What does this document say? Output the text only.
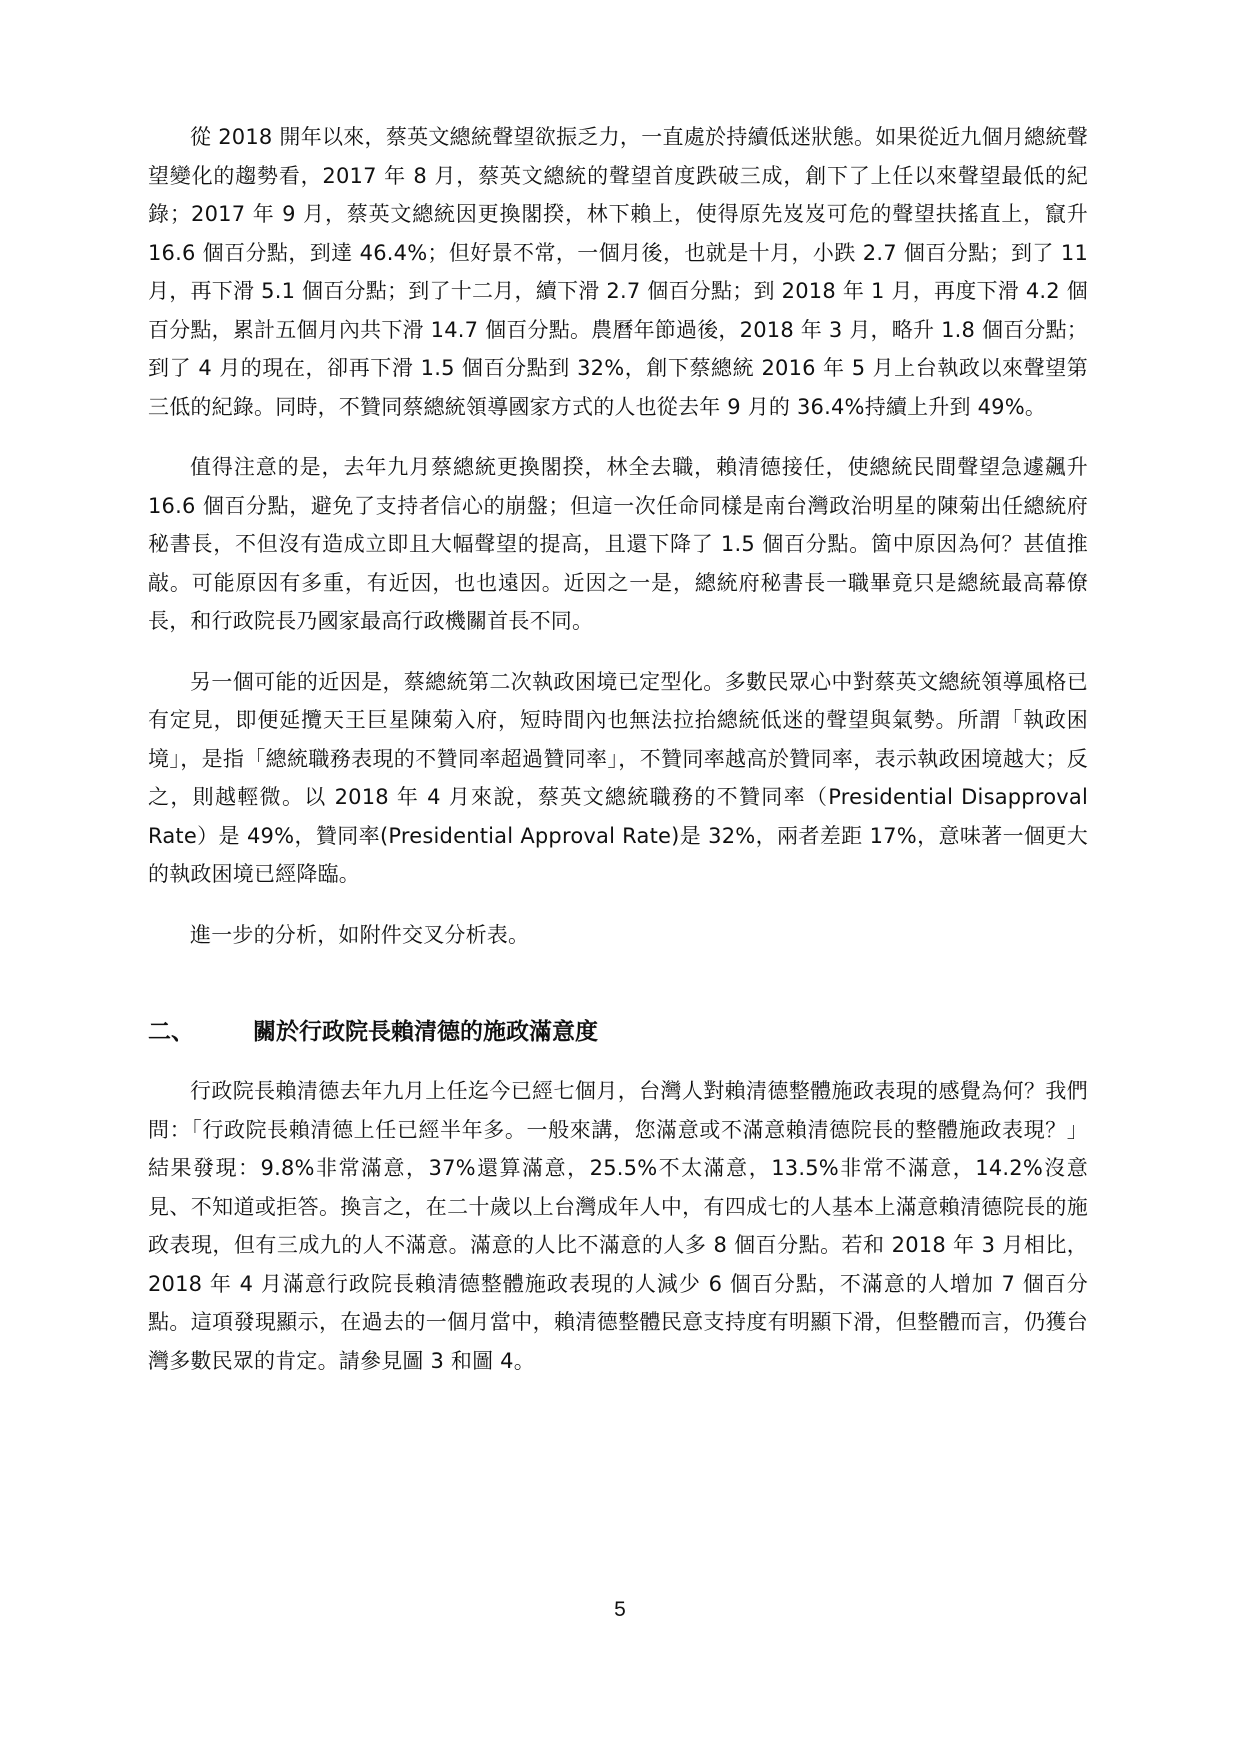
從 2018 開年以來，蔡英文總統聲望欲振乏力，一直處於持續低迷狀態。如果從近九個月總統聲望變化的趨勢看，2017 年 8 月，蔡英文總統的聲望首度跌破三成，創下了上任以來聲望最低的紀錄；2017 年 9 月，蔡英文總統因更換閣揆，林下賴上，使得原先岌岌可危的聲望扶搖直上，竄升 16.6 個百分點，到達 46.4%；但好景不常，一個月後，也就是十月，小跌 2.7 個百分點；到了 11 月，再下滑 5.1 個百分點；到了十二月，續下滑 2.7 個百分點；到 2018 年 1 月，再度下滑 4.2 個百分點，累計五個月內共下滑 14.7 個百分點。農曆年節過後，2018 年 3 月，略升 1.8 個百分點；到了 4 月的現在，卻再下滑 1.5 個百分點到 32%，創下蔡總統 2016 年 5 月上台執政以來聲望第三低的紀錄。同時，不贊同蔡總統領導國家方式的人也從去年 9 月的 36.4%持續上升到 49%。

值得注意的是，去年九月蔡總統更換閣揆，林全去職，賴清德接任，使總統民間聲望急遽飆升 16.6 個百分點，避免了支持者信心的崩盤；但這一次任命同樣是南台灣政治明星的陳菊出任總統府秘書長，不但沒有造成立即且大幅聲望的提高，且還下降了 1.5 個百分點。箇中原因為何？甚值推敲。可能原因有多重，有近因，也也遠因。近因之一是，總統府秘書長一職畢竟只是總統最高幕僚長，和行政院長乃國家最高行政機關首長不同。

另一個可能的近因是，蔡總統第二次執政困境已定型化。多數民眾心中對蔡英文總統領導風格已有定見，即便延攬天王巨星陳菊入府，短時間內也無法拉抬總統低迷的聲望與氣勢。所謂「執政困境」，是指「總統職務表現的不贊同率超過贊同率」，不贊同率越高於贊同率，表示執政困境越大；反之，則越輕微。以 2018 年 4 月來說，蔡英文總統職務的不贊同率（Presidential Disapproval Rate）是 49%，贊同率(Presidential Approval Rate)是 32%，兩者差距 17%，意味著一個更大的執政困境已經降臨。

進一步的分析，如附件交叉分析表。

二、	關於行政院長賴清德的施政滿意度

行政院長賴清德去年九月上任迄今已經七個月，台灣人對賴清德整體施政表現的感覺為何？我們問：「行政院長賴清德上任已經半年多。一般來講，您滿意或不滿意賴清德院長的整體施政表現？」結果發現：9.8%非常滿意，37%還算滿意，25.5%不太滿意，13.5%非常不滿意，14.2%沒意見、不知道或拒答。換言之，在二十歲以上台灣成年人中，有四成七的人基本上滿意賴清德院長的施政表現，但有三成九的人不滿意。滿意的人比不滿意的人多 8 個百分點。若和 2018 年 3 月相比，2018 年 4 月滿意行政院長賴清德整體施政表現的人減少 6 個百分點，不滿意的人增加 7 個百分點。這項發現顯示，在過去的一個月當中，賴清德整體民意支持度有明顯下滑，但整體而言，仍獲台灣多數民眾的肯定。請參見圖 3 和圖 4。

5
